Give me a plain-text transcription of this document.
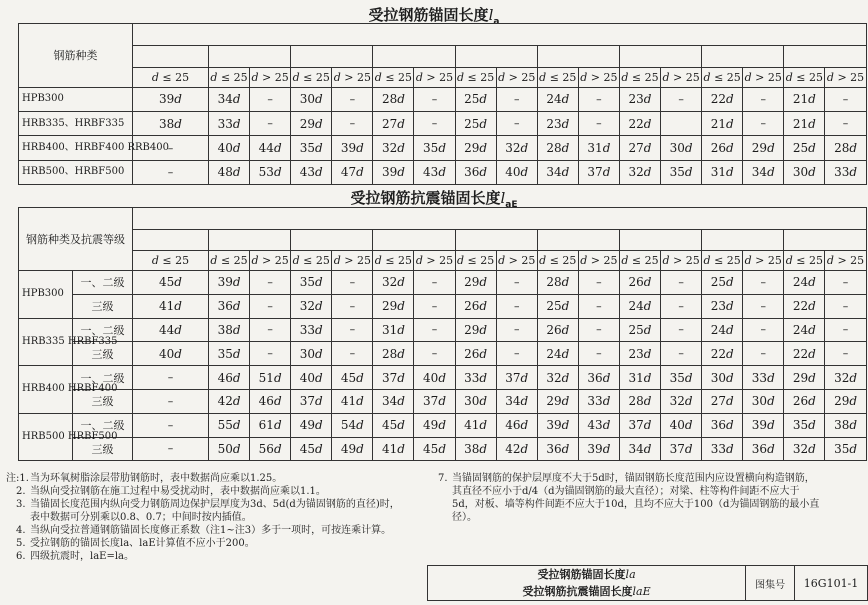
受拉钢筋锚固长度$l_a$
钢筋种类																	

	d ≤ 25	d ≤ 25	d > 25	d ≤ 25	d > 25	d ≤ 25	d > 25	d ≤ 25	d > 25	d ≤ 25	d > 25	d ≤ 25	d > 25	d ≤ 25	d > 25	d ≤ 25	d > 25
HPB300	39d	34d	–	30d	–	28d	–	25d	–	24d	–	23d	–	22d	–	21d	–
HRB335、HRBF335	38d	33d	–	29d	–	27d	–	25d	–	23d	–	22d		21d	–	21d	–
HRB400、HRBF400 RRB400	–	40d	44d	35d	39d	32d	35d	29d	32d	28d	31d	27d	30d	26d	29d	25d	28d
HRB500、HRBF500	–	48d	53d	43d	47d	39d	43d	36d	40d	34d	37d	32d	35d	31d	34d	30d	33d
受拉钢筋抗震锚固长度$l_{aE}$
钢筋种类及抗震等级																		

		d ≤ 25	d ≤ 25	d > 25	d ≤ 25	d > 25	d ≤ 25	d > 25	d ≤ 25	d > 25	d ≤ 25	d > 25	d ≤ 25	d > 25	d ≤ 25	d > 25	d ≤ 25	d > 25
HPB300	一、二级	45d	39d	–	35d	–	32d	–	29d	–	28d	–	26d	–	25d	–	24d	–
	三级	41d	36d	–	32d	–	29d	–	26d	–	25d	–	24d	–	23d	–	22d	–
HRB335 HRBF335	一、二级	44d	38d	–	33d	–	31d	–	29d	–	26d	–	25d	–	24d	–	24d	–
	三级	40d	35d	–	30d	–	28d	–	26d	–	24d	–	23d	–	22d	–	22d	–
HRB400 HRBF400	一、二级	–	46d	51d	40d	45d	37d	40d	33d	37d	32d	36d	31d	35d	30d	33d	29d	32d
	三级	–	42d	46d	37d	41d	34d	37d	30d	34d	29d	33d	28d	32d	27d	30d	26d	29d
HRB500 HRBF500	一、二级	–	55d	61d	49d	54d	45d	49d	41d	46d	39d	43d	37d	40d	36d	39d	35d	38d
	三级	–	50d	56d	45d	49d	41d	45d	38d	42d	36d	39d	34d	37d	33d	36d	32d	35d
注:1. 当为环氧树脂涂层带肋钢筋时，表中数据尚应乘以1.25。
2. 当纵向受拉钢筋在施工过程中易受扰动时，表中数据尚应乘以1.1。
3. 当锚固长度范围内纵向受力钢筋周边保护层厚度为3d、5d(d为锚固钢筋的直径)时，表中数据可分别乘以0.8、0.7；中间时按内插值。
4. 当纵向受拉普通钢筋锚固长度修正系数（注1~注3）多于一项时，可按连乘计算。
5. 受拉钢筋的锚固长度la、laE计算值不应小于200。
6. 四级抗震时，laE=la。
7. 当锚固钢筋的保护层厚度不大于5d时，锚固钢筋长度范围内应设置横向构造钢筋，其直径不应小于d/4（d为锚固钢筋的最大直径）；对梁、柱等构件间距不应大于5d，对板、墙等构件间距不应大于10d，且均不应大于100（d为锚固钢筋的最小直径）。
受拉钢筋锚固长度la
受拉钢筋抗震锚固长度laE	图集号	16G101-1
